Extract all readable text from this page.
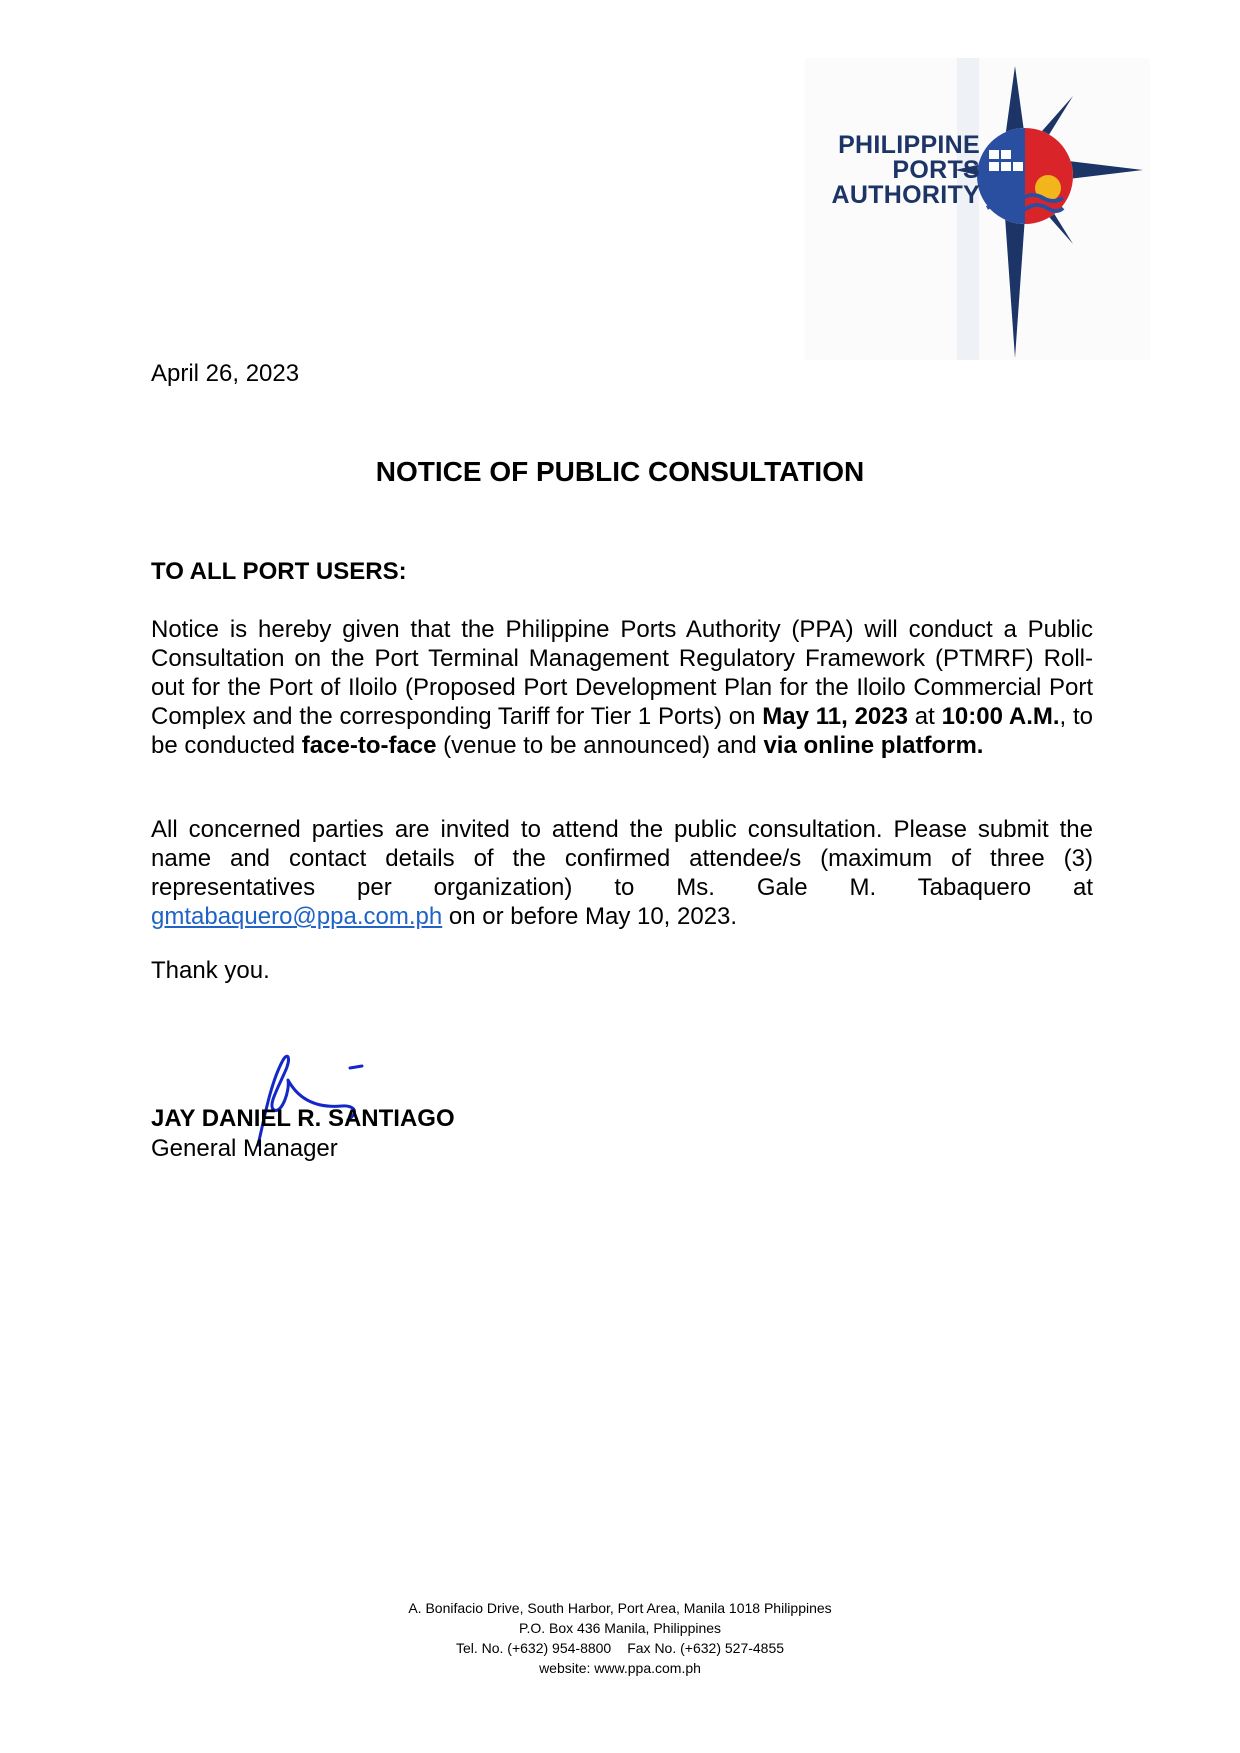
PHILIPPINE
PORTS
AUTHORITY
April 26, 2023
NOTICE OF PUBLIC CONSULTATION
TO ALL PORT USERS:

Notice is hereby given that the Philippine Ports Authority (PPA) will conduct a Public Consultation on the Port Terminal Management Regulatory Framework (PTMRF) Roll-out for the Port of Iloilo (Proposed Port Development Plan for the Iloilo Commercial Port Complex and the corresponding Tariff for Tier 1 Ports) on May 11, 2023 at 10:00 A.M., to be conducted face-to-face (venue to be announced) and via online platform.

All concerned parties are invited to attend the public consultation. Please submit the name and contact details of the confirmed attendee/s (maximum of three (3) representatives per organization) to Ms. Gale M. Tabaquero at gmtabaquero@ppa.com.ph on or before May 10, 2023.

Thank you.
JAY DANIEL R. SANTIAGO
General Manager
A. Bonifacio Drive, South Harbor, Port Area, Manila 1018 Philippines
P.O. Box 436 Manila, Philippines
Tel. No. (+632) 954-8800 Fax No. (+632) 527-4855
website: www.ppa.com.ph
